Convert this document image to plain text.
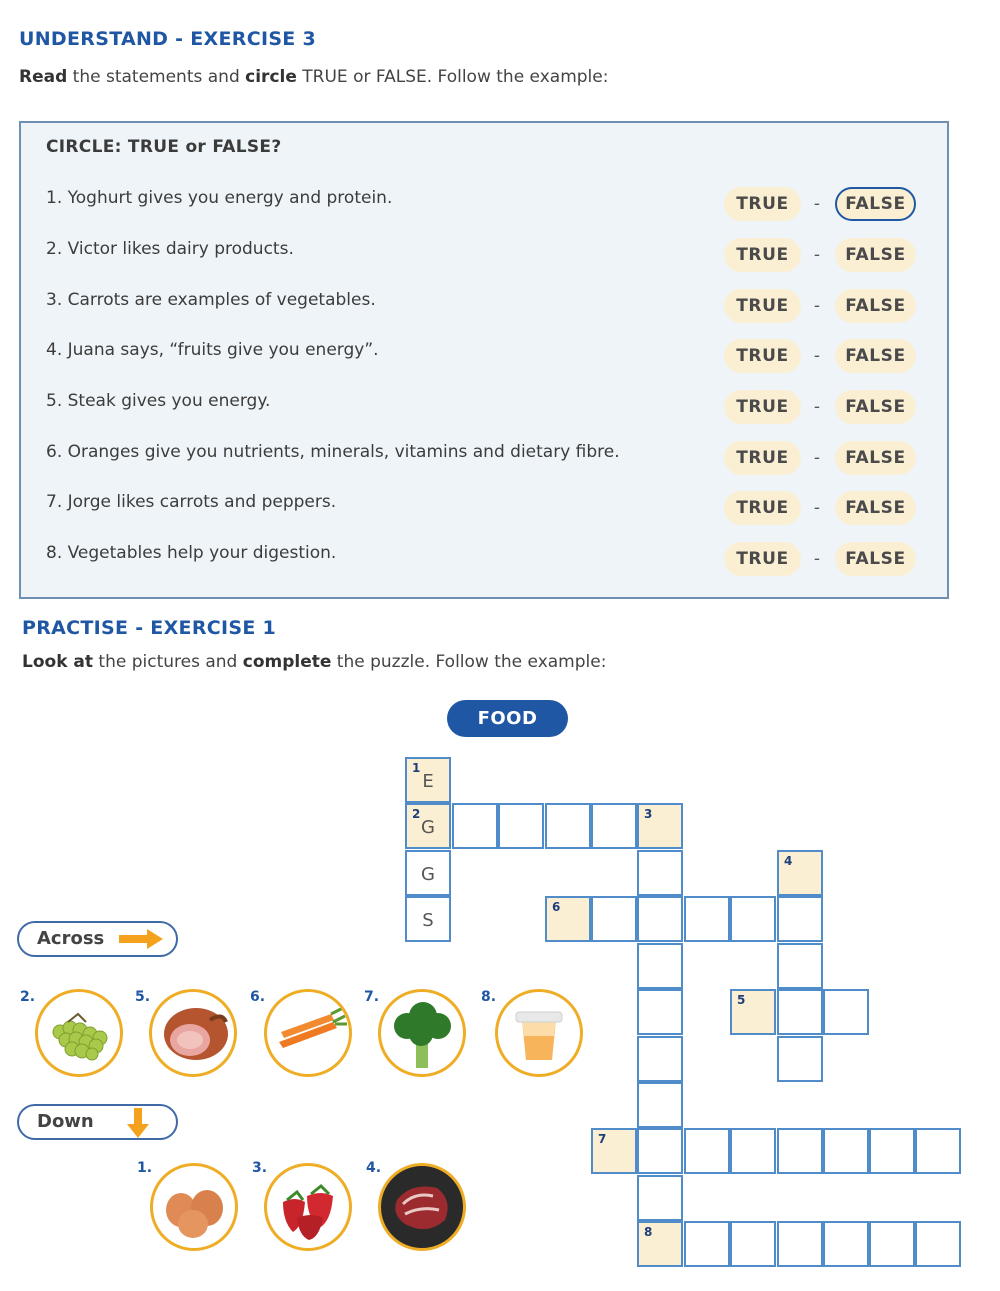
UNDERSTAND - EXERCISE 3
Read the statements and circle TRUE or FALSE. Follow the example:
CIRCLE: TRUE or FALSE?
1. Yoghurt gives you energy and protein.	TRUE	-	FALSE
2. Victor likes dairy products.	TRUE	-	FALSE
3. Carrots are examples of vegetables.	TRUE	-	FALSE
4. Juana says, “fruits give you energy”.	TRUE	-	FALSE
5. Steak gives you energy.	TRUE	-	FALSE
6. Oranges give you nutrients, minerals, vitamins and dietary fibre.	TRUE	-	FALSE
7. Jorge likes carrots and peppers.	TRUE	-	FALSE
8. Vegetables help your digestion.	TRUE	-	FALSE
PRACTISE - EXERCISE 1
Look at the pictures and complete the puzzle. Follow the example:
FOOD
Across
Down
2.	5.	6.	7.	8.
1.	3.	4.
1
E
2
G
3
G
4
S
6
5
7
8
